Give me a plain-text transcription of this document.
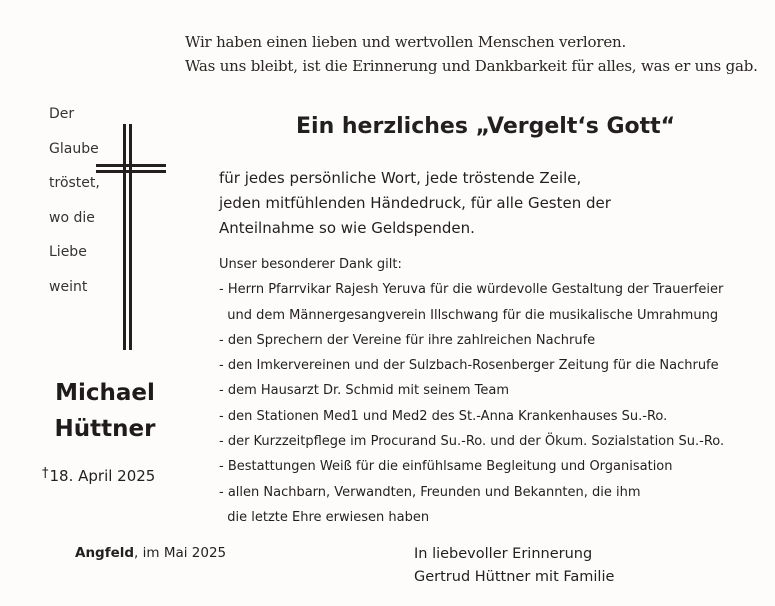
Wir haben einen lieben und wertvollen Menschen verloren.
Was uns bleibt, ist die Erinnerung und Dankbarkeit für alles, was er uns gab.
Der
Glaube
tröstet,
wo die
Liebe
weint
Michael
Hüttner
†18. April 2025
Ein herzliches „Vergelt‘s Gott“
für jedes persönliche Wort, jede tröstende Zeile,
jeden mitfühlenden Händedruck, für alle Gesten der
Anteilnahme so wie Geldspenden.
Unser besonderer Dank gilt:
- Herrn Pfarrvikar Rajesh Yeruva für die würdevolle Gestaltung der Trauerfeier
und dem Männergesangverein Illschwang für die musikalische Umrahmung
- den Sprechern der Vereine für ihre zahlreichen Nachrufe
- den Imkervereinen und der Sulzbach-Rosenberger Zeitung für die Nachrufe
- dem Hausarzt Dr. Schmid mit seinem Team
- den Stationen Med1 und Med2 des St.-Anna Krankenhauses Su.-Ro.
- der Kurzzeitpflege im Procurand Su.-Ro. und der Ökum. Sozialstation Su.-Ro.
- Bestattungen Weiß für die einfühlsame Begleitung und Organisation
- allen Nachbarn, Verwandten, Freunden und Bekannten, die ihm
die letzte Ehre erwiesen haben
Angfeld, im Mai 2025	In liebevoller Erinnerung
Gertrud Hüttner mit Familie
